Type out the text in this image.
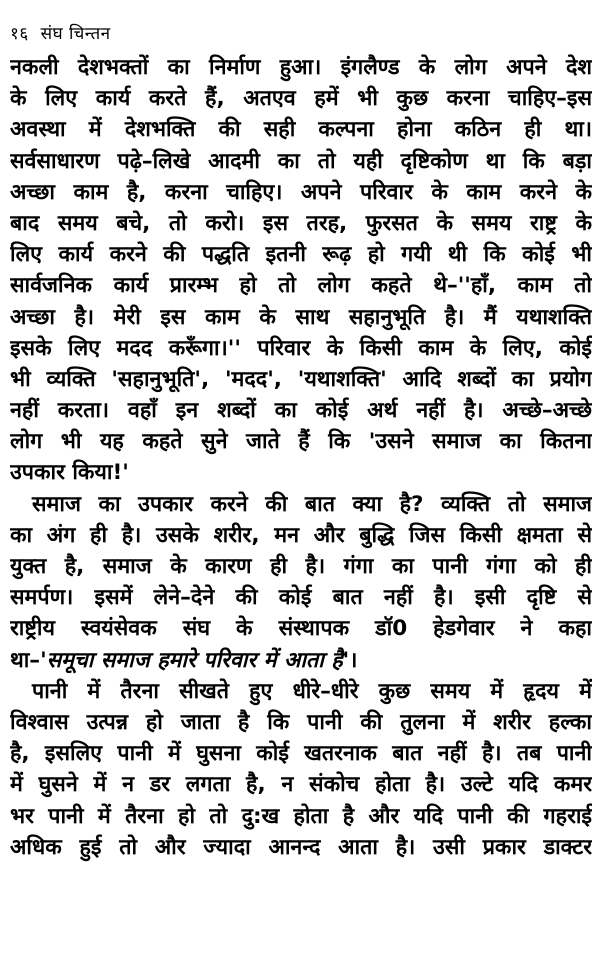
१६ संघ चिन्तन
नकली देशभक्तों का निर्माण हुआ। इंगलैण्ड के लोग अपने देश
के लिए कार्य करते हैं, अतएव हमें भी कुछ करना चाहिए–इस
अवस्था में देशभक्ति की सही कल्पना होना कठिन ही था।
सर्वसाधारण पढ़े–लिखे आदमी का तो यही दृष्टिकोण था कि बड़ा
अच्छा काम है, करना चाहिए। अपने परिवार के काम करने के
बाद समय बचे, तो करो। इस तरह, फुरसत के समय राष्ट्र के
लिए कार्य करने की पद्धति इतनी रूढ़ हो गयी थी कि कोई भी
सार्वजनिक कार्य प्रारम्भ हो तो लोग कहते थे–''हाँ, काम तो
अच्छा है। मेरी इस काम के साथ सहानुभूति है। मैं यथाशक्ति
इसके लिए मदद करूँगा।'' परिवार के किसी काम के लिए, कोई
भी व्यक्ति 'सहानुभूति', 'मदद', 'यथाशक्ति' आदि शब्दों का प्रयोग
नहीं करता। वहाँ इन शब्दों का कोई अर्थ नहीं है। अच्छे–अच्छे
लोग भी यह कहते सुने जाते हैं कि 'उसने समाज का कितना
उपकार किया!'
समाज का उपकार करने की बात क्या है? व्यक्ति तो समाज
का अंग ही है। उसके शरीर, मन और बुद्धि जिस किसी क्षमता से
युक्त है, समाज के कारण ही है। गंगा का पानी गंगा को ही
समर्पण। इसमें लेने–देने की कोई बात नहीं है। इसी दृष्टि से
राष्ट्रीय स्वयंसेवक संघ के संस्थापक डॉ0 हेडगेवार ने कहा
था–'समूचा समाज हमारे परिवार में आता है'।
पानी में तैरना सीखते हुए धीरे–धीरे कुछ समय में हृदय में
विश्वास उत्पन्न हो जाता है कि पानी की तुलना में शरीर हल्का
है, इसलिए पानी में घुसना कोई खतरनाक बात नहीं है। तब पानी
में घुसने में न डर लगता है, न संकोच होता है। उल्टे यदि कमर
भर पानी में तैरना हो तो दु:ख होता है और यदि पानी की गहराई
अधिक हुई तो और ज्यादा आनन्द आता है। उसी प्रकार डाक्टर
